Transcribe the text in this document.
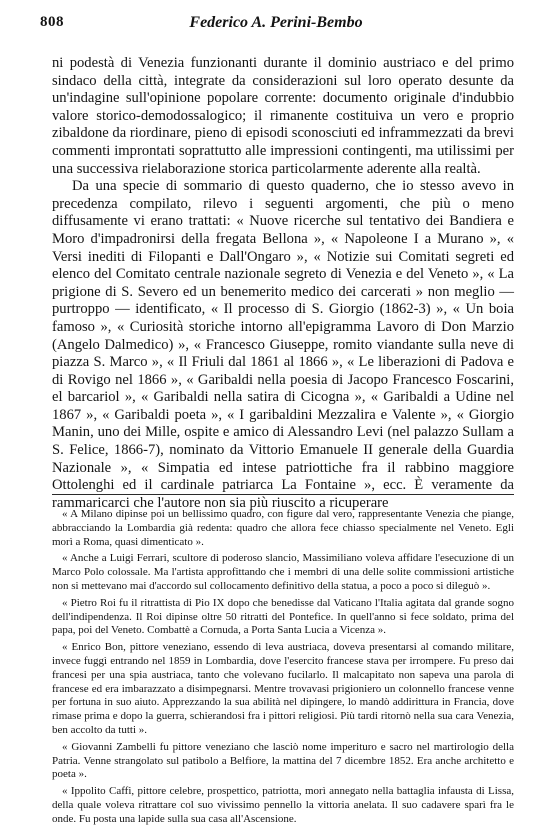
808	Federico A. Perini-Bembo

ni podestà di Venezia funzionanti durante il dominio austriaco e del primo sindaco della città, integrate da considerazioni sul loro operato desunte da un'indagine sull'opinione popolare corrente: documento originale d'indubbio valore storico-demodossalogico; il rimanente costituiva un vero e proprio zibaldone da riordinare, pieno di episodi sconosciuti ed inframmezzati da brevi commenti improntati soprattutto alle impressioni contingenti, ma utilissimi per una successiva rielaborazione storica particolarmente aderente alla realtà.

Da una specie di sommario di questo quaderno, che io stesso avevo in precedenza compilato, rilevo i seguenti argomenti, che più o meno diffusamente vi erano trattati: « Nuove ricerche sul tentativo dei Bandiera e Moro d'impadronirsi della fregata Bellona », « Napoleone I a Murano », « Versi inediti di Filopanti e Dall'Ongaro », « Notizie sui Comitati segreti ed elenco del Comitato centrale nazionale segreto di Venezia e del Veneto », « La prigione di S. Severo ed un benemerito medico dei carcerati » non meglio — purtroppo — identificato, « Il processo di S. Giorgio (1862-3) », « Un boia famoso », « Curiosità storiche intorno all'epigramma Lavoro di Don Marzio (Angelo Dalmedico) », « Francesco Giuseppe, romito viandante sulla neve di piazza S. Marco », « Il Friuli dal 1861 al 1866 », « Le liberazioni di Padova e di Rovigo nel 1866 », « Garibaldi nella poesia di Jacopo Francesco Foscarini, el barcariol », « Garibaldi nella satira di Cicogna », « Garibaldi a Udine nel 1867 », « Garibaldi poeta », « I garibaldini Mezzalira e Valente », « Giorgio Manin, uno dei Mille, ospite e amico di Alessandro Levi (nel palazzo Sullam a S. Felice, 1866-7), nominato da Vittorio Emanuele II generale della Guardia Nazionale », « Simpatia ed intese patriottiche fra il rabbino maggiore Ottolenghi ed il cardinale patriarca La Fontaine », ecc. È veramente da rammaricarci che l'autore non sia più riuscito a ricuperare

« A Milano dipinse poi un bellissimo quadro, con figure dal vero, rappresentante Venezia che piange, abbracciando la Lombardia già redenta: quadro che allora fece chiasso specialmente nel Veneto. Egli morì a Roma, quasi dimenticato ».

« Anche a Luigi Ferrari, scultore di poderoso slancio, Massimiliano voleva affidare l'esecuzione di un Marco Polo colossale. Ma l'artista approfittando che i membri di una delle solite commissioni artistiche non si mettevano mai d'accordo sul collocamento definitivo della statua, a poco a poco si dileguò ».

« Pietro Roi fu il ritrattista di Pio IX dopo che benedisse dal Vaticano l'Italia agitata dal grande sogno dell'indipendenza. Il Roi dipinse oltre 50 ritratti del Pontefice. In quell'anno si fece soldato, prima del papa, poi del Veneto. Combattè a Cornuda, a Porta Santa Lucia a Vicenza ».

« Enrico Bon, pittore veneziano, essendo di leva austriaca, doveva presentarsi al comando militare, invece fuggì entrando nel 1859 in Lombardia, dove l'esercito francese stava per irrompere. Fu preso dai francesi per una spia austriaca, tanto che volevano fucilarlo. Il malcapitato non sapeva una parola di francese ed era imbarazzato a disimpegnarsi. Mentre trovavasi prigioniero un colonnello francese venne per fortuna in suo aiuto. Apprezzando la sua abilità nel dipingere, lo mandò addirittura in Francia, dove rimase prima e dopo la guerra, schierandosi fra i pittori religiosi. Più tardi ritornò nella sua cara Venezia, ben accolto da tutti ».

« Giovanni Zambelli fu pittore veneziano che lasciò nome imperituro e sacro nel martirologio della Patria. Venne strangolato sul patibolo a Belfiore, la mattina del 7 dicembre 1852. Era anche architetto e poeta ».

« Ippolito Caffi, pittore celebre, prospettico, patriotta, morì annegato nella battaglia infausta di Lissa, della quale voleva ritrattare col suo vivissimo pennello la vittoria anelata. Il suo cadavere sparì fra le onde. Fu posta una lapide sulla sua casa all'Ascensione.
